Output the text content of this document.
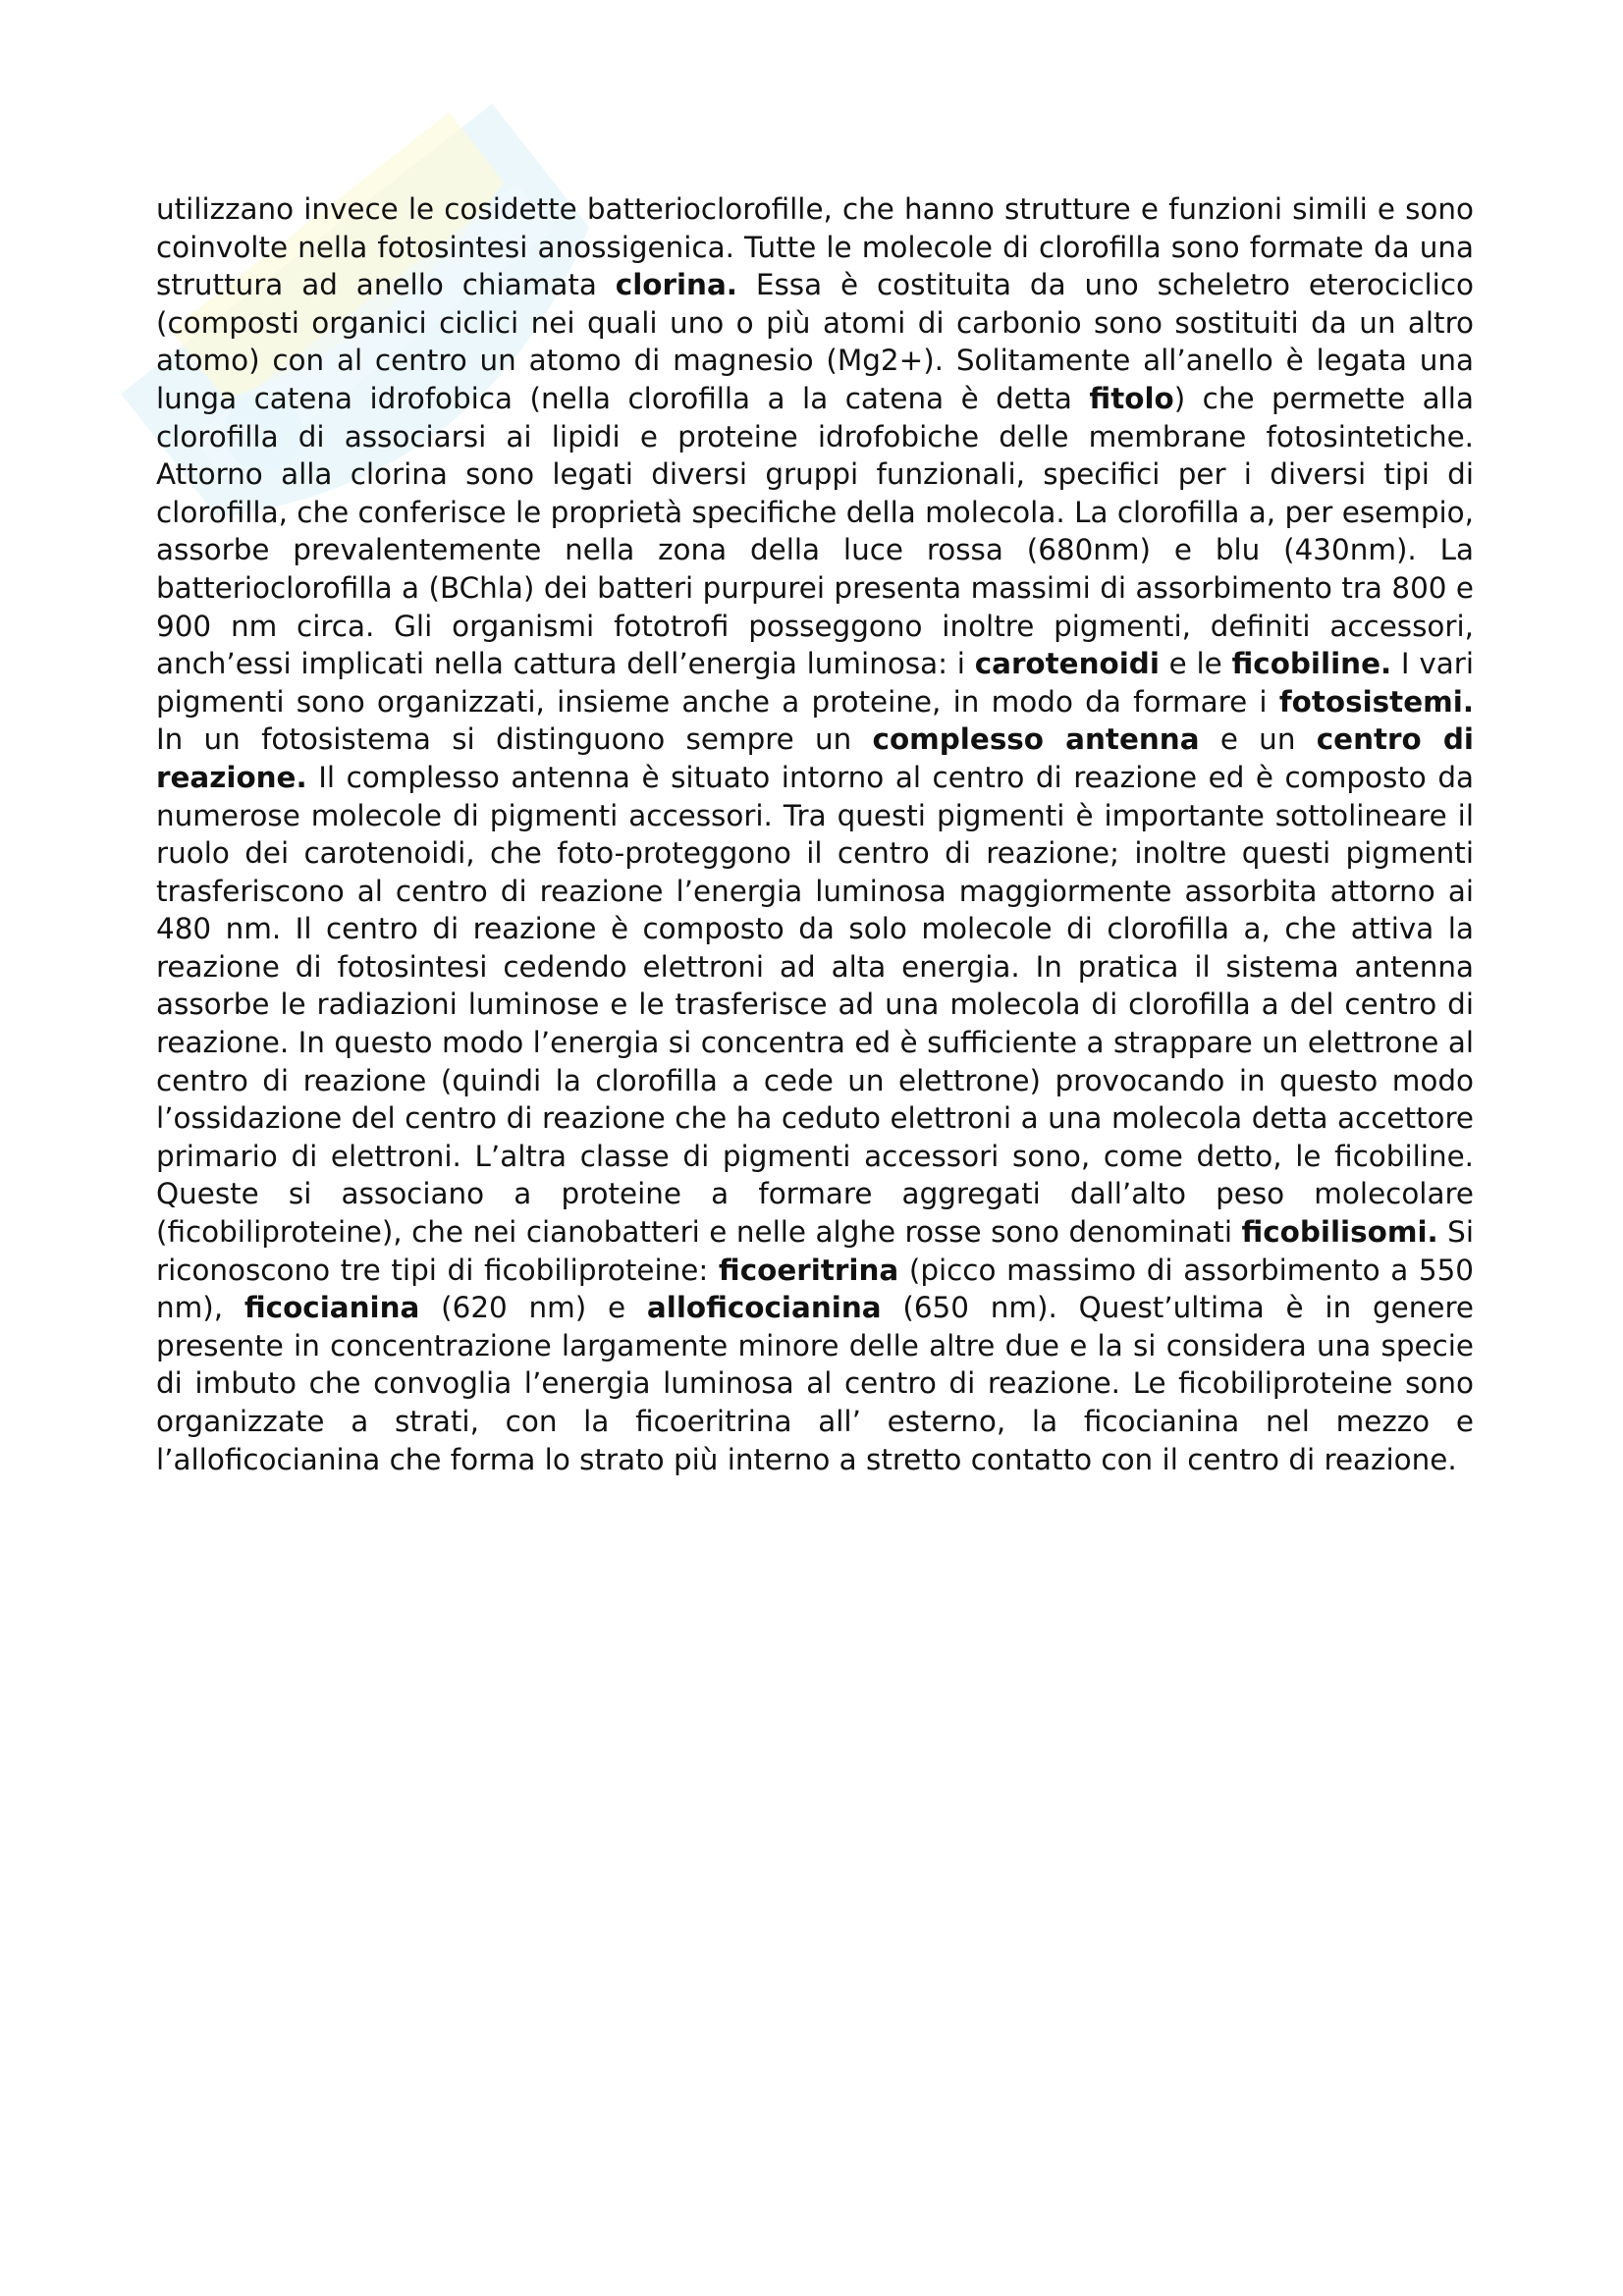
utilizzano invece le cosidette batterioclorofille, che hanno strutture e funzioni simili e sono coinvolte nella fotosintesi anossigenica. Tutte le molecole di clorofilla sono formate da una struttura ad anello chiamata clorina. Essa è costituita da uno scheletro eterociclico (composti organici ciclici nei quali uno o più atomi di carbonio sono sostituiti da un altro atomo) con al centro un atomo di magnesio (Mg2+). Solitamente all’anello è legata una lunga catena idrofobica (nella clorofilla a la catena è detta fitolo) che permette alla clorofilla di associarsi ai lipidi e proteine idrofobiche delle membrane fotosintetiche. Attorno alla clorina sono legati diversi gruppi funzionali, specifici per i diversi tipi di clorofilla, che conferisce le proprietà specifiche della molecola. La clorofilla a, per esempio, assorbe prevalentemente nella zona della luce rossa (680nm) e blu (430nm). La batterioclorofilla a (BChla) dei batteri purpurei presenta massimi di assorbimento tra 800 e 900 nm circa. Gli organismi fototrofi posseggono inoltre pigmenti, definiti accessori, anch’essi implicati nella cattura dell’energia luminosa: i carotenoidi e le ficobiline. I vari pigmenti sono organizzati, insieme anche a proteine, in modo da formare i fotosistemi. In un fotosistema si distinguono sempre un complesso antenna e un centro di reazione. Il complesso antenna è situato intorno al centro di reazione ed è composto da numerose molecole di pigmenti accessori. Tra questi pigmenti è importante sottolineare il ruolo dei carotenoidi, che foto-proteggono il centro di reazione; inoltre questi pigmenti trasferiscono al centro di reazione l’energia luminosa maggiormente assorbita attorno ai 480 nm. Il centro di reazione è composto da solo molecole di clorofilla a, che attiva la reazione di fotosintesi cedendo elettroni ad alta energia. In pratica il sistema antenna assorbe le radiazioni luminose e le trasferisce ad una molecola di clorofilla a del centro di reazione. In questo modo l’energia si concentra ed è sufficiente a strappare un elettrone al centro di reazione (quindi la clorofilla a cede un elettrone) provocando in questo modo l’ossidazione del centro di reazione che ha ceduto elettroni a una molecola detta accettore primario di elettroni. L’altra classe di pigmenti accessori sono, come detto, le ficobiline. Queste si associano a proteine a formare aggregati dall’alto peso molecolare (ficobiliproteine), che nei cianobatteri e nelle alghe rosse sono denominati ficobilisomi. Si riconoscono tre tipi di ficobiliproteine: ficoeritrina (picco massimo di assorbimento a 550 nm), ficocianina (620 nm) e alloficocianina (650 nm). Quest’ultima è in genere presente in concentrazione largamente minore delle altre due e la si considera una specie di imbuto che convoglia l’energia luminosa al centro di reazione. Le ficobiliproteine sono organizzate a strati, con la ficoeritrina all’ esterno, la ficocianina nel mezzo e l’alloficocianina che forma lo strato più interno a stretto contatto con il centro di reazione.
